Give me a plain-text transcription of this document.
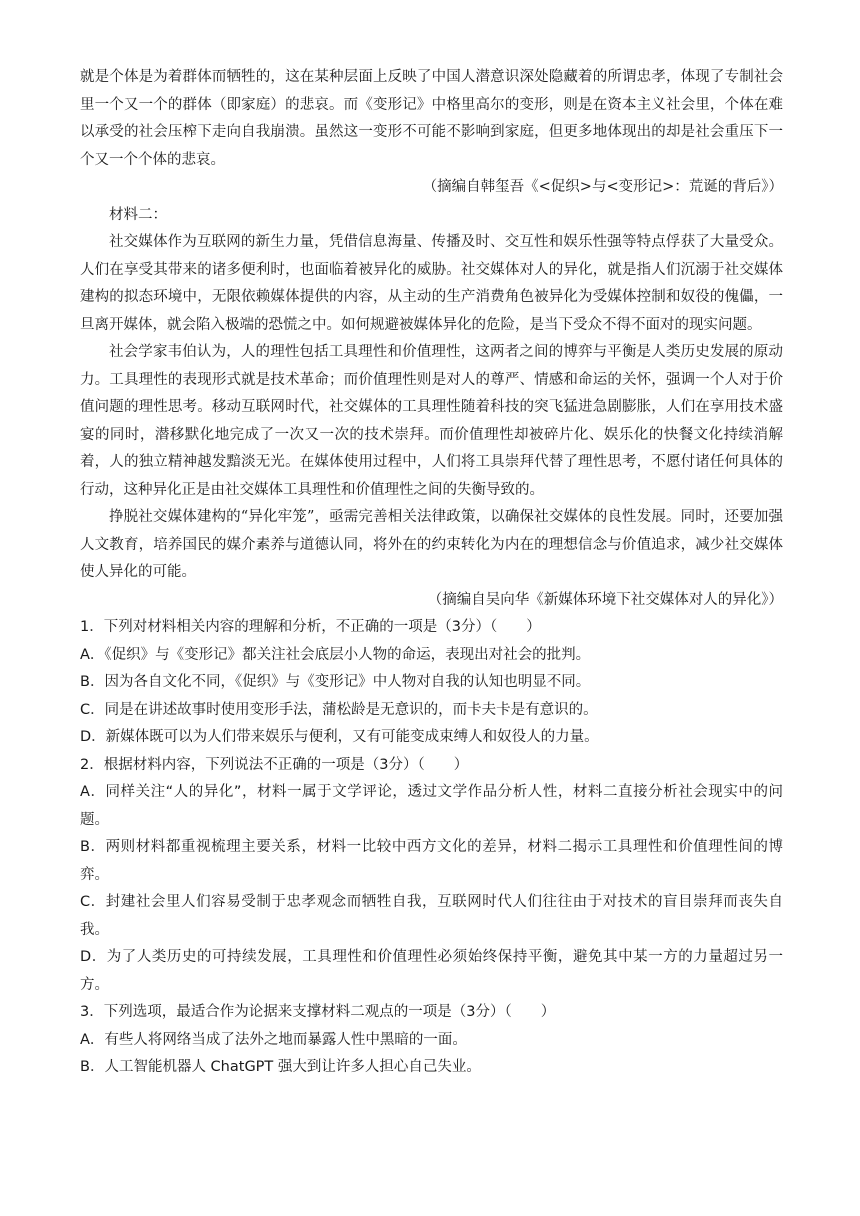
就是个体是为着群体而牺牲的，这在某种层面上反映了中国人潜意识深处隐藏着的所谓忠孝，体现了专制社会里一个又一个的群体（即家庭）的悲哀。而《变形记》中格里高尔的变形，则是在资本主义社会里，个体在难以承受的社会压榨下走向自我崩溃。虽然这一变形不可能不影响到家庭，但更多地体现出的却是社会重压下一个又一个个体的悲哀。

（摘编自韩玺吾《<促织>与<变形记>：荒诞的背后》）

材料二：

社交媒体作为互联网的新生力量，凭借信息海量、传播及时、交互性和娱乐性强等特点俘获了大量受众。人们在享受其带来的诸多便利时，也面临着被异化的威胁。社交媒体对人的异化，就是指人们沉溺于社交媒体建构的拟态环境中，无限依赖媒体提供的内容，从主动的生产消费角色被异化为受媒体控制和奴役的傀儡，一旦离开媒体，就会陷入极端的恐慌之中。如何规避被媒体异化的危险，是当下受众不得不面对的现实问题。

社会学家韦伯认为，人的理性包括工具理性和价值理性，这两者之间的博弈与平衡是人类历史发展的原动力。工具理性的表现形式就是技术革命；而价值理性则是对人的尊严、情感和命运的关怀，强调一个人对于价值问题的理性思考。移动互联网时代，社交媒体的工具理性随着科技的突飞猛进急剧膨胀，人们在享用技术盛宴的同时，潜移默化地完成了一次又一次的技术崇拜。而价值理性却被碎片化、娱乐化的快餐文化持续消解着，人的独立精神越发黯淡无光。在媒体使用过程中，人们将工具崇拜代替了理性思考，不愿付诸任何具体的行动，这种异化正是由社交媒体工具理性和价值理性之间的失衡导致的。

挣脱社交媒体建构的“异化牢笼”，亟需完善相关法律政策，以确保社交媒体的良性发展。同时，还要加强人文教育，培养国民的媒介素养与道德认同，将外在的约束转化为内在的理想信念与价值追求，减少社交媒体使人异化的可能。

（摘编自吴向华《新媒体环境下社交媒体对人的异化》）

1．下列对材料相关内容的理解和分析，不正确的一项是（3分）（　　）

A．《促织》与《变形记》都关注社会底层小人物的命运，表现出对社会的批判。

B．因为各自文化不同，《促织》与《变形记》中人物对自我的认知也明显不同。

C．同是在讲述故事时使用变形手法，蒲松龄是无意识的，而卡夫卡是有意识的。

D．新媒体既可以为人们带来娱乐与便利，又有可能变成束缚人和奴役人的力量。

2．根据材料内容，下列说法不正确的一项是（3分）（　　）

A．同样关注“人的异化”，材料一属于文学评论，透过文学作品分析人性，材料二直接分析社会现实中的问题。

B．两则材料都重视梳理主要关系，材料一比较中西方文化的差异，材料二揭示工具理性和价值理性间的博弈。

C．封建社会里人们容易受制于忠孝观念而牺牲自我，互联网时代人们往往由于对技术的盲目崇拜而丧失自我。

D．为了人类历史的可持续发展，工具理性和价值理性必须始终保持平衡，避免其中某一方的力量超过另一方。

3．下列选项，最适合作为论据来支撑材料二观点的一项是（3分）（　　）

A．有些人将网络当成了法外之地而暴露人性中黑暗的一面。

B．人工智能机器人 ChatGPT 强大到让许多人担心自己失业。
